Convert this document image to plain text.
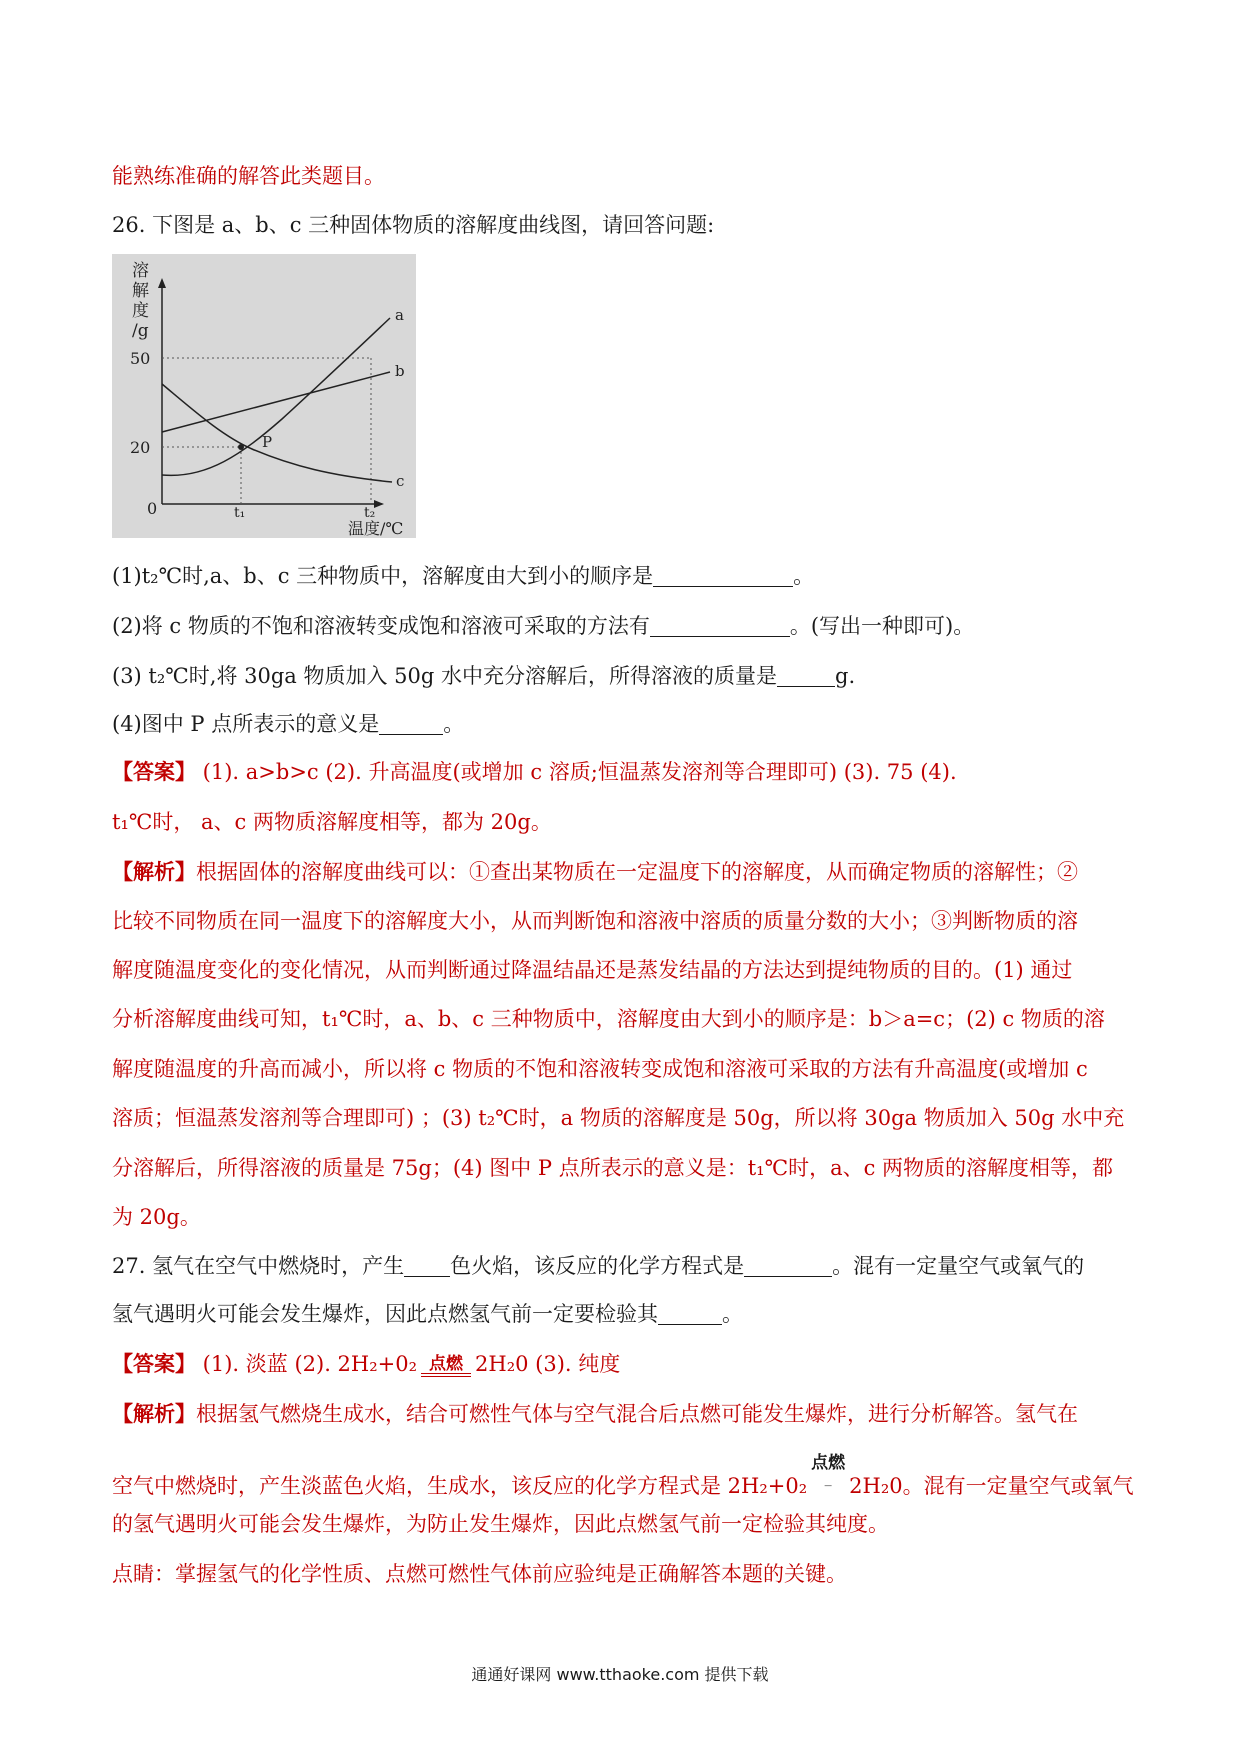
能熟练准确的解答此类题目。
26. 下图是 a、b、c 三种固体物质的溶解度曲线图，请回答问题:
溶
解
度
/g
50
20
0	t₁	t₂
温度/℃
a
b
c
P
(1)t₂℃时,a、b、c 三种物质中，溶解度由大到小的顺序是	。
(2)将 c 物质的不饱和溶液转变成饱和溶液可采取的方法有	。(写出一种即可)。
(3) t₂℃时,将 30ga 物质加入 50g 水中充分溶解后，所得溶液的质量是	g.
(4)图中 P 点所表示的意义是	。
【答案】 (1). a>b>c (2). 升高温度(或增加 c 溶质;恒温蒸发溶剂等合理即可) (3). 75 (4).
t₁℃时， a、c 两物质溶解度相等，都为 20g。
【解析】根据固体的溶解度曲线可以：①查出某物质在一定温度下的溶解度，从而确定物质的溶解性；②
比较不同物质在同一温度下的溶解度大小，从而判断饱和溶液中溶质的质量分数的大小；③判断物质的溶
解度随温度变化的变化情况，从而判断通过降温结晶还是蒸发结晶的方法达到提纯物质的目的。(1) 通过
分析溶解度曲线可知，t₁℃时，a、b、c 三种物质中，溶解度由大到小的顺序是：b＞a=c；(2) c 物质的溶
解度随温度的升高而减小，所以将 c 物质的不饱和溶液转变成饱和溶液可采取的方法有升高温度(或增加 c
溶质；恒温蒸发溶剂等合理即可) ；(3) t₂℃时，a 物质的溶解度是 50g，所以将 30ga 物质加入 50g 水中充
分溶解后，所得溶液的质量是 75g；(4) 图中 P 点所表示的意义是：t₁℃时，a、c 两物质的溶解度相等，都
为 20g。
27. 氢气在空气中燃烧时，产生 色火焰，该反应的化学方程式是	。混有一定量空气或氧气的
氢气遇明火可能会发生爆炸，因此点燃氢气前一定要检验其	。
【答案】 (1). 淡蓝 (2). 2H₂+0₂ 点燃 2H₂0 (3). 纯度
【解析】根据氢气燃烧生成水，结合可燃性气体与空气混合后点燃可能发生爆炸，进行分析解答。氢气在
空气中燃烧时，产生淡蓝色火焰，生成水，该反应的化学方程式是 2H₂+0₂
点燃
_ 2H₂0。混有一定量空气或氧气
的氢气遇明火可能会发生爆炸，为防止发生爆炸，因此点燃氢气前一定检验其纯度。
点睛：掌握氢气的化学性质、点燃可燃性气体前应验纯是正确解答本题的关键。
通通好课网 www.tthaoke.com 提供下载
